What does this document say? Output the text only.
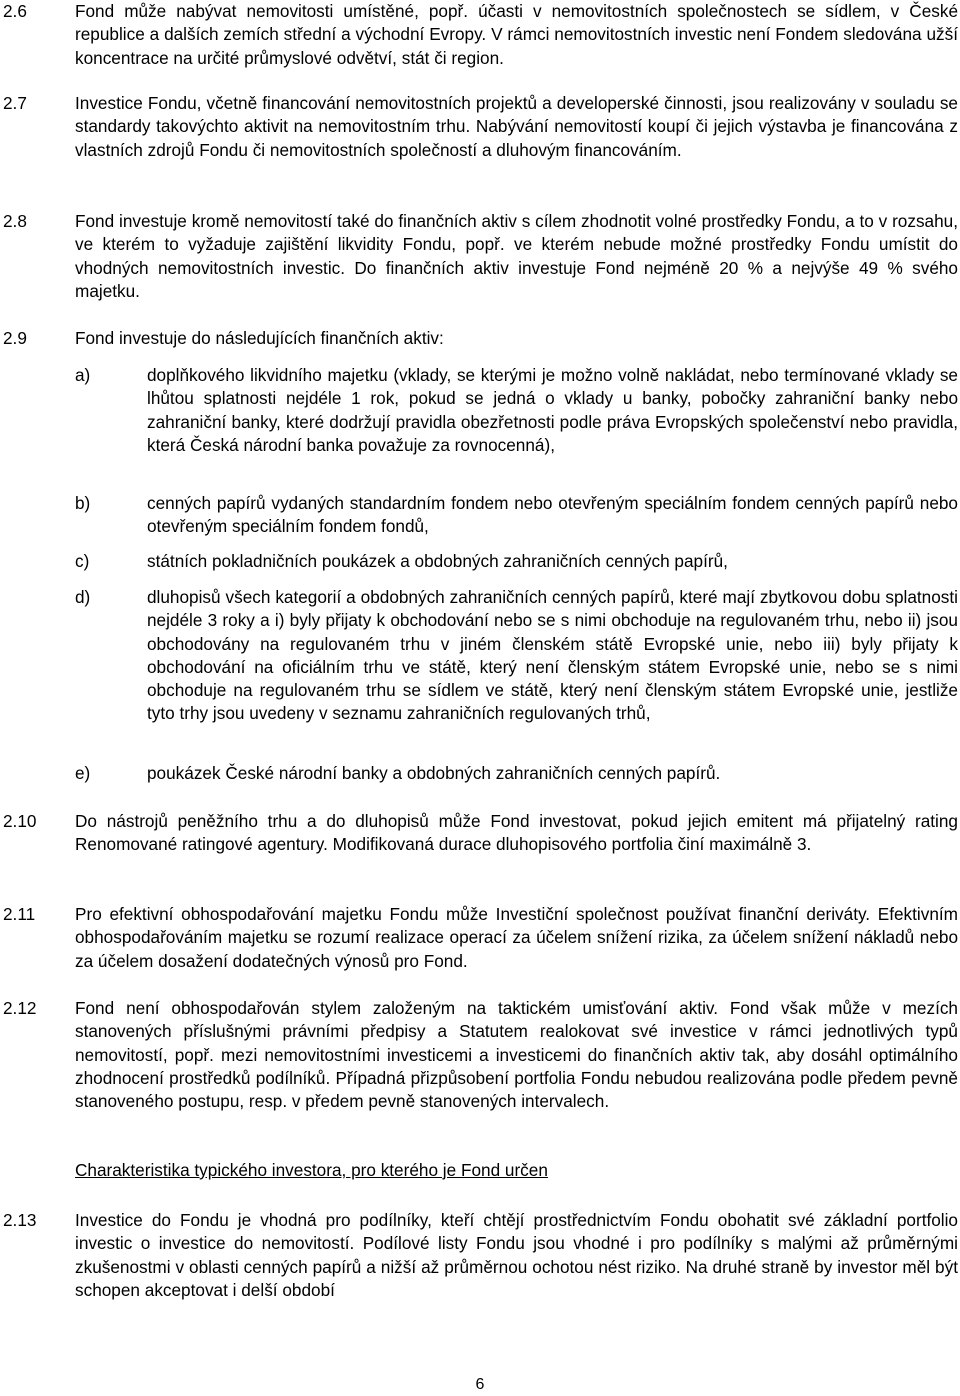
2.6	Fond může nabývat nemovitosti umístěné, popř. účasti v nemovitostních společnostech se sídlem, v České republice a dalších zemích střední a východní Evropy. V rámci nemovitostních investic není Fondem sledována užší koncentrace na určité průmyslové odvětví, stát či region.
2.7	Investice Fondu, včetně financování nemovitostních projektů a developerské činnosti, jsou realizovány v souladu se standardy takovýchto aktivit na nemovitostním trhu. Nabývání nemovitostí koupí či jejich výstavba je financována z vlastních zdrojů Fondu či nemovitostních společností a dluhovým financováním.
2.8	Fond investuje kromě nemovitostí také do finančních aktiv s cílem zhodnotit volné prostředky Fondu, a to v rozsahu, ve kterém to vyžaduje zajištění likvidity Fondu, popř. ve kterém nebude možné prostředky Fondu umístit do vhodných nemovitostních investic. Do finančních aktiv investuje Fond nejméně 20 % a nejvýše 49 % svého majetku.
2.9	Fond investuje do následujících finančních aktiv:
a)	doplňkového likvidního majetku (vklady, se kterými je možno volně nakládat, nebo termínované vklady se lhůtou splatnosti nejdéle 1 rok, pokud se jedná o vklady u banky, pobočky zahraniční banky nebo zahraniční banky, které dodržují pravidla obezřetnosti podle práva Evropských společenství nebo pravidla, která Česká národní banka považuje za rovnocenná),
b)	cenných papírů vydaných standardním fondem nebo otevřeným speciálním fondem cenných papírů nebo otevřeným speciálním fondem fondů,
c)	státních pokladničních poukázek a obdobných zahraničních cenných papírů,
d)	dluhopisů všech kategorií a obdobných zahraničních cenných papírů, které mají zbytkovou dobu splatnosti nejdéle 3 roky a i) byly přijaty k obchodování nebo se s nimi obchoduje na regulovaném trhu, nebo ii) jsou obchodovány na regulovaném trhu v jiném členském státě Evropské unie, nebo iii) byly přijaty k obchodování na oficiálním trhu ve státě, který není členským státem Evropské unie, nebo se s nimi obchoduje na regulovaném trhu se sídlem ve státě, který není členským státem Evropské unie, jestliže tyto trhy jsou uvedeny v seznamu zahraničních regulovaných trhů,
e)	poukázek České národní banky a obdobných zahraničních cenných papírů.
2.10	Do nástrojů peněžního trhu a do dluhopisů může Fond investovat, pokud jejich emitent má přijatelný rating Renomované ratingové agentury. Modifikovaná durace dluhopisového portfolia činí maximálně 3.
2.11	Pro efektivní obhospodařování majetku Fondu může Investiční společnost používat finanční deriváty. Efektivním obhospodařováním majetku se rozumí realizace operací za účelem snížení rizika, za účelem snížení nákladů nebo za účelem dosažení dodatečných výnosů pro Fond.
2.12	Fond není obhospodařován stylem založeným na taktickém umisťování aktiv. Fond však může v mezích stanovených příslušnými právními předpisy a Statutem realokovat své investice v rámci jednotlivých typů nemovitostí, popř. mezi nemovitostními investicemi a investicemi do finančních aktiv tak, aby dosáhl optimálního zhodnocení prostředků podílníků. Případná přizpůsobení portfolia Fondu nebudou realizována podle předem pevně stanoveného postupu, resp. v předem pevně stanovených intervalech.
Charakteristika typického investora, pro kterého je Fond určen
2.13	Investice do Fondu je vhodná pro podílníky, kteří chtějí prostřednictvím Fondu obohatit své základní portfolio investic o investice do nemovitostí. Podílové listy Fondu jsou vhodné i pro podílníky s malými až průměrnými zkušenostmi v oblasti cenných papírů a nižší až průměrnou ochotou nést riziko. Na druhé straně by investor měl být schopen akceptovat i delší období
6
